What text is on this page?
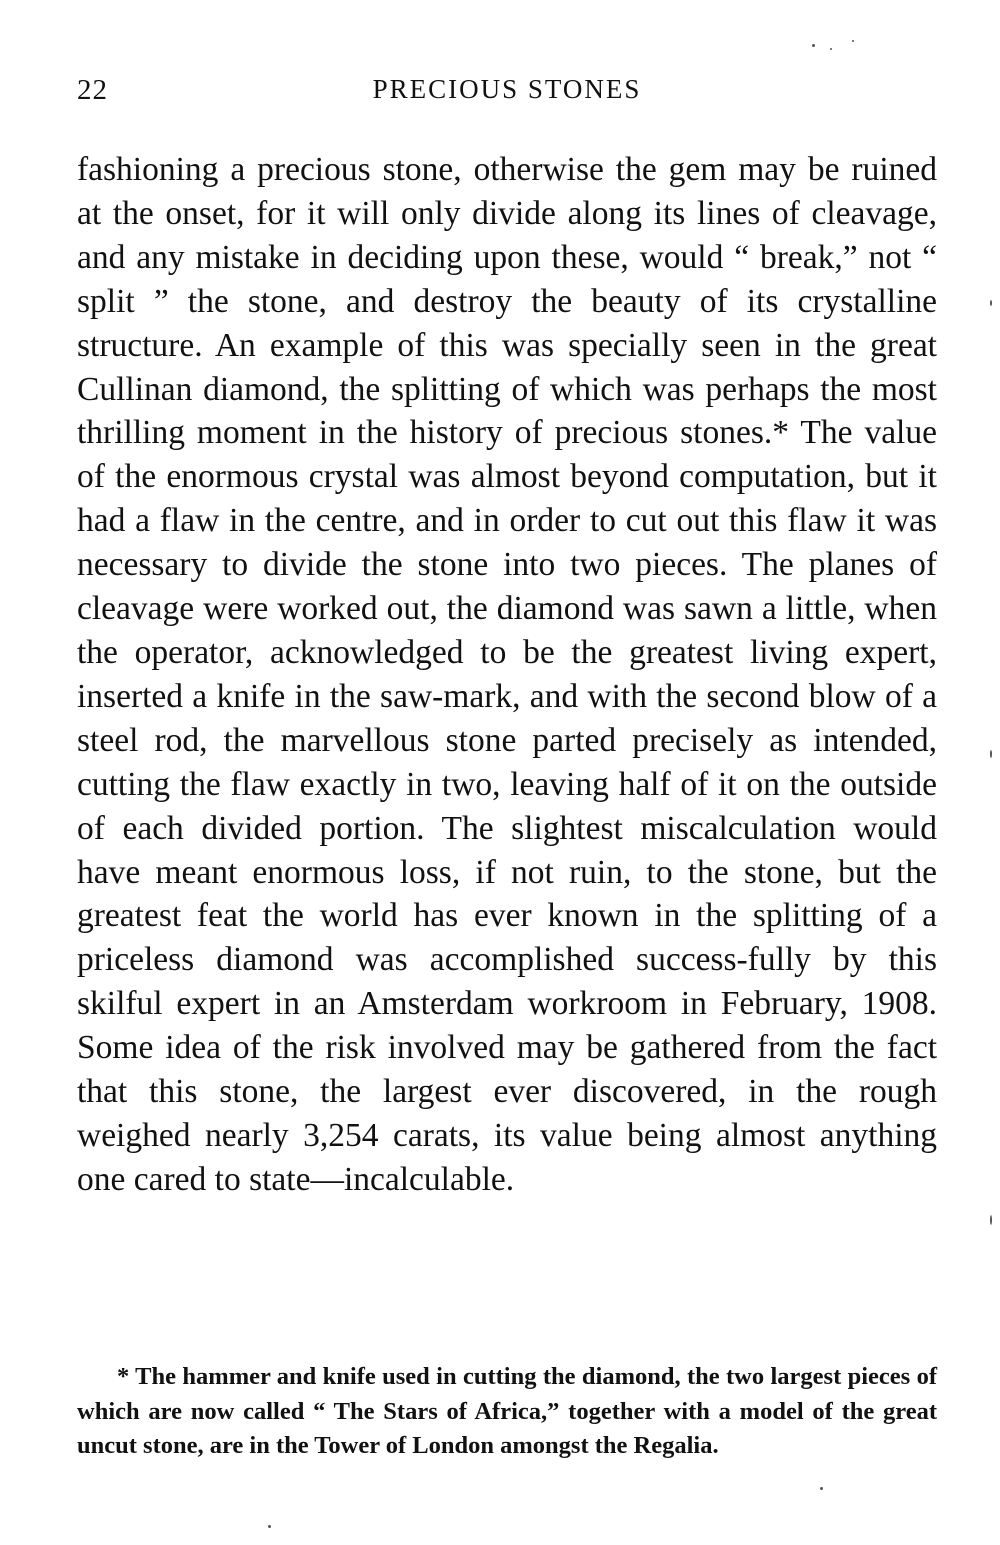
22	PRECIOUS STONES

fashioning a precious stone, otherwise the gem may be ruined at the onset, for it will only divide along its lines of cleavage, and any mistake in deciding upon these, would “ break,” not “ split ” the stone, and destroy the beauty of its crystalline structure. An example of this was specially seen in the great Cullinan diamond, the splitting of which was perhaps the most thrilling moment in the history of precious stones.* The value of the enormous crystal was almost beyond computation, but it had a flaw in the centre, and in order to cut out this flaw it was necessary to divide the stone into two pieces. The planes of cleavage were worked out, the diamond was sawn a little, when the operator, acknowledged to be the greatest living expert, inserted a knife in the saw-mark, and with the second blow of a steel rod, the marvellous stone parted precisely as intended, cutting the flaw exactly in two, leaving half of it on the outside of each divided portion. The slightest miscalculation would have meant enormous loss, if not ruin, to the stone, but the greatest feat the world has ever known in the splitting of a priceless diamond was accomplished success-fully by this skilful expert in an Amsterdam workroom in February, 1908. Some idea of the risk involved may be gathered from the fact that this stone, the largest ever discovered, in the rough weighed nearly 3,254 carats, its value being almost anything one cared to state—incalculable.

* The hammer and knife used in cutting the diamond, the two largest pieces of which are now called “ The Stars of Africa,” together with a model of the great uncut stone, are in the Tower of London amongst the Regalia.
